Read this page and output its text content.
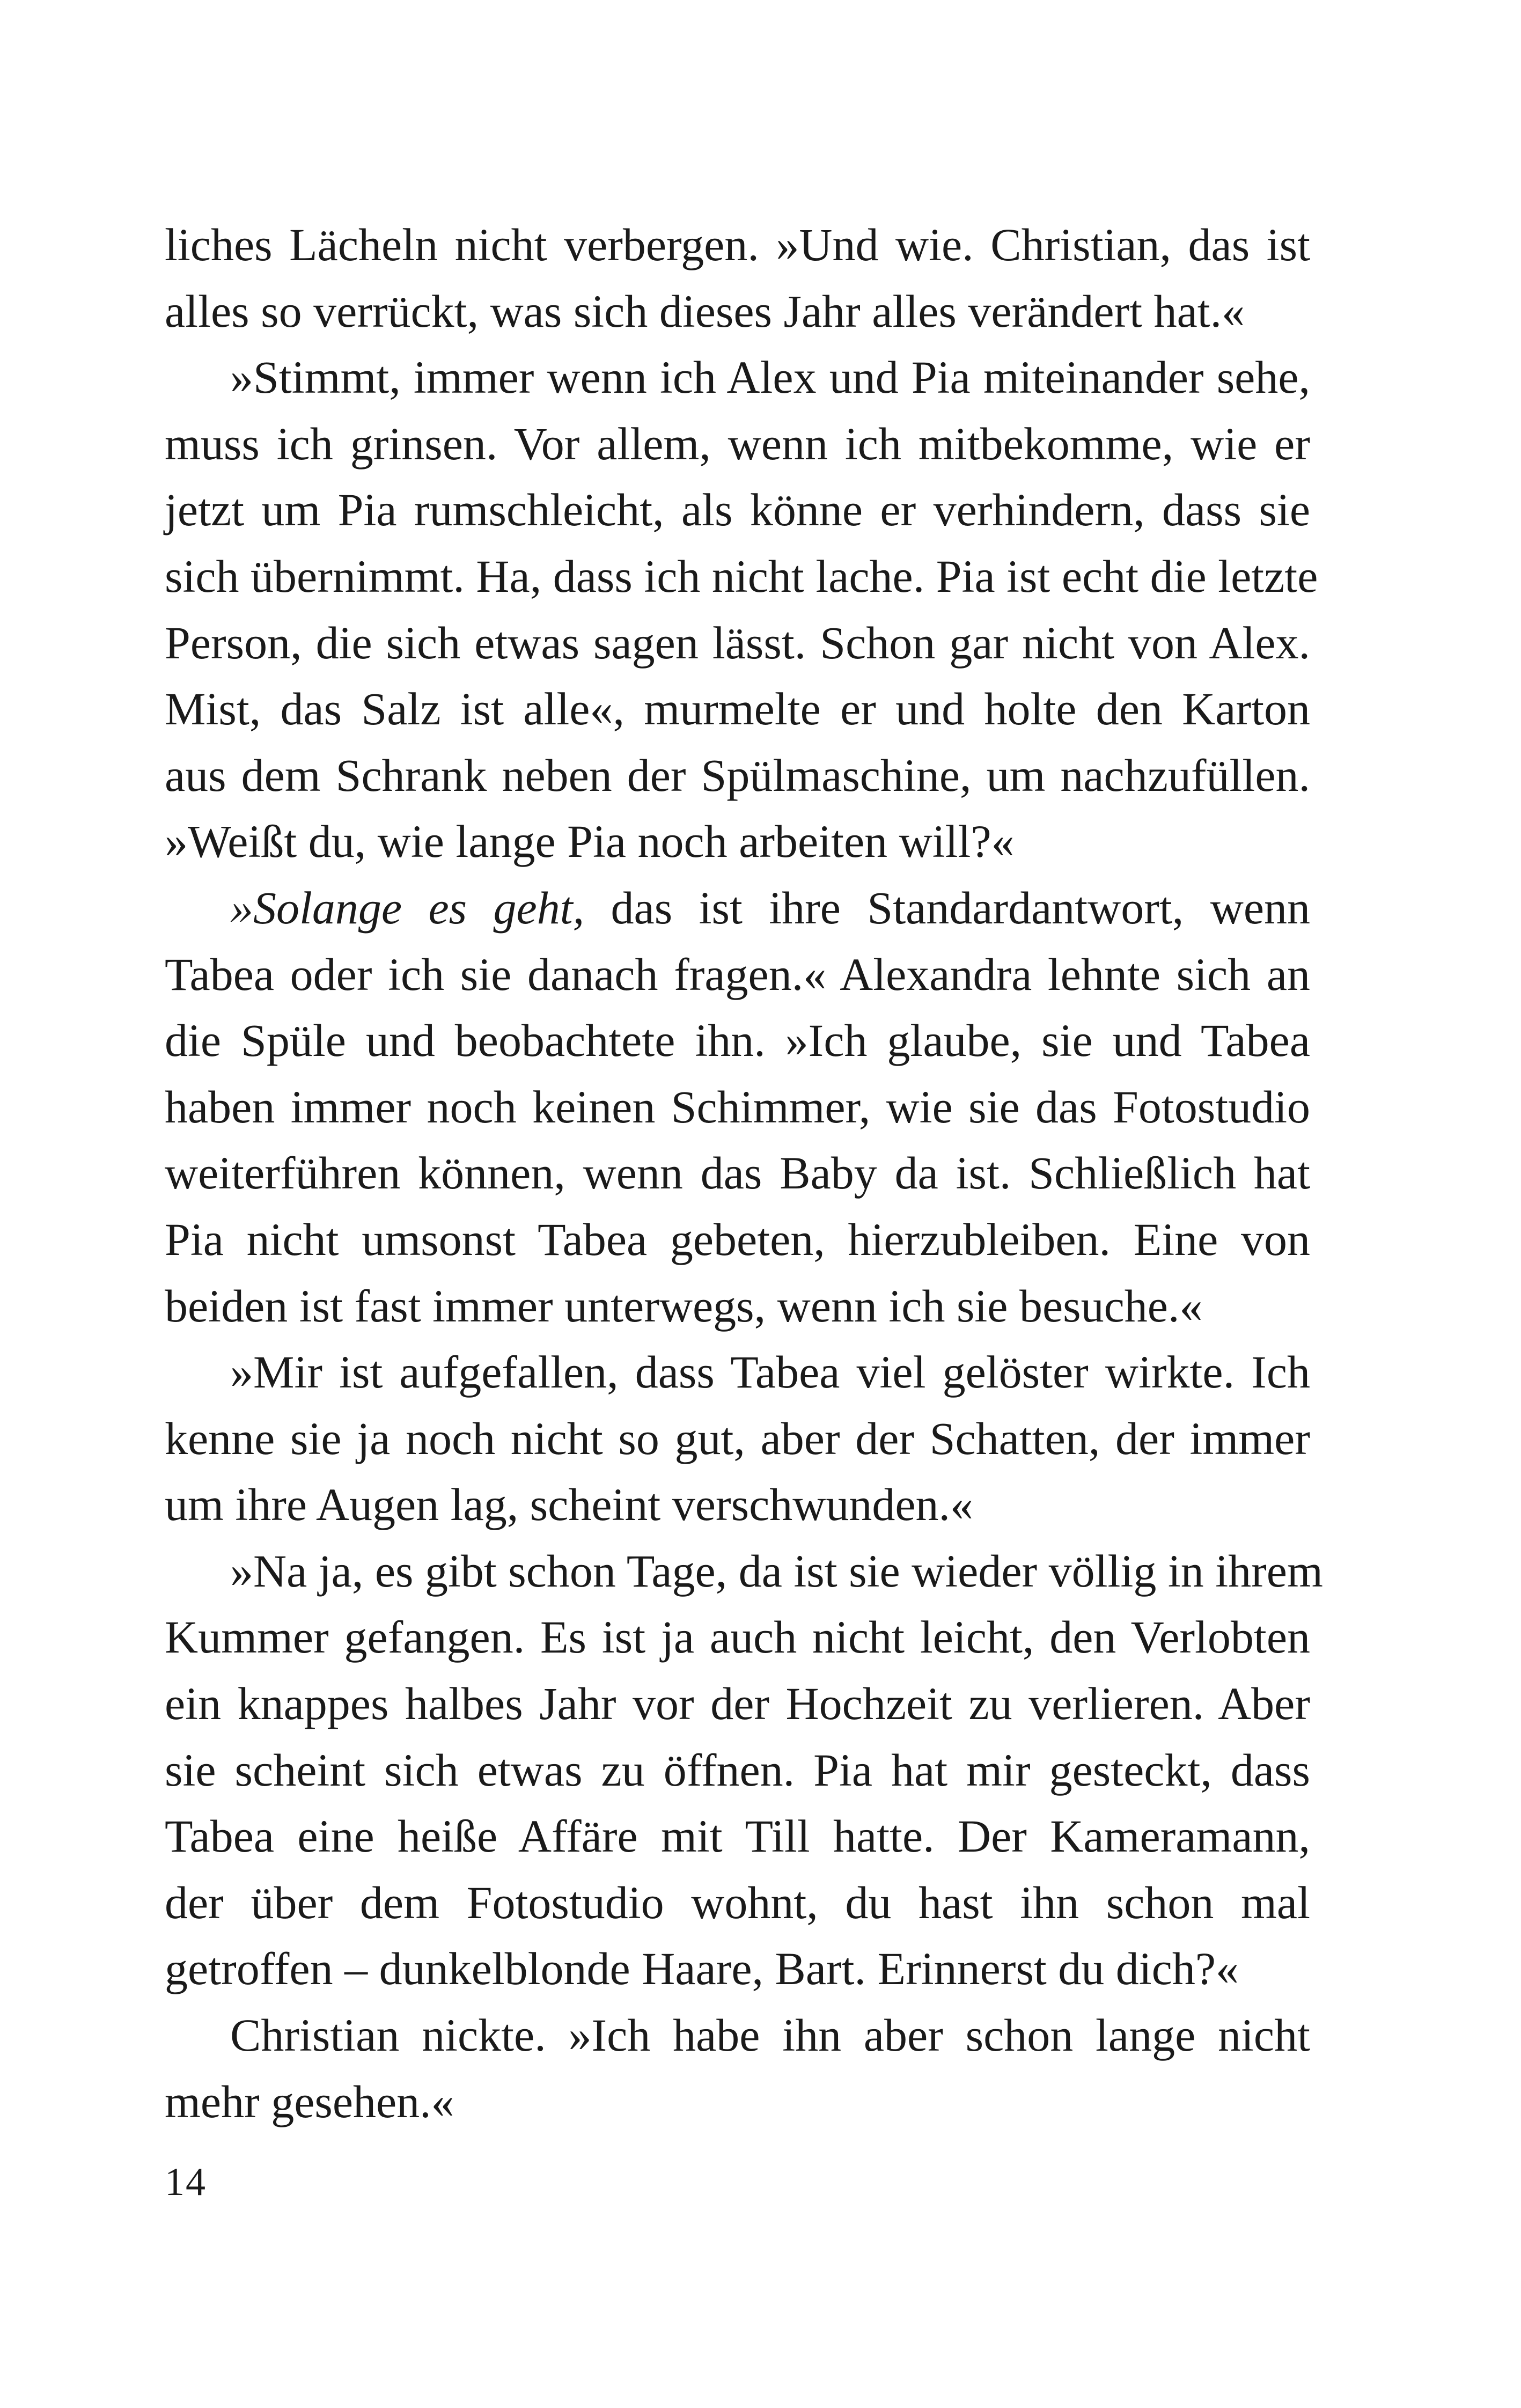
liches Lächeln nicht verbergen. »Und wie. Christian, das ist
alles so verrückt, was sich dieses Jahr alles verändert hat.«
»Stimmt, immer wenn ich Alex und Pia miteinander sehe,
muss ich grinsen. Vor allem, wenn ich mitbekomme, wie er
jetzt um Pia rumschleicht, als könne er verhindern, dass sie
sich übernimmt. Ha, dass ich nicht lache. Pia ist echt die letzte
Person, die sich etwas sagen lässt. Schon gar nicht von Alex.
Mist, das Salz ist alle«, murmelte er und holte den Karton
aus dem Schrank neben der Spülmaschine, um nachzufüllen.
»Weißt du, wie lange Pia noch arbeiten will?«
»Solange es geht, das ist ihre Standardantwort, wenn
Tabea oder ich sie danach fragen.« Alexandra lehnte sich an
die Spüle und beobachtete ihn. »Ich glaube, sie und Tabea
haben immer noch keinen Schimmer, wie sie das Fotostudio
weiterführen können, wenn das Baby da ist. Schließlich hat
Pia nicht umsonst Tabea gebeten, hierzubleiben. Eine von
beiden ist fast immer unterwegs, wenn ich sie besuche.«
»Mir ist aufgefallen, dass Tabea viel gelöster wirkte. Ich
kenne sie ja noch nicht so gut, aber der Schatten, der immer
um ihre Augen lag, scheint verschwunden.«
»Na ja, es gibt schon Tage, da ist sie wieder völlig in ihrem
Kummer gefangen. Es ist ja auch nicht leicht, den Verlobten
ein knappes halbes Jahr vor der Hochzeit zu verlieren. Aber
sie scheint sich etwas zu öffnen. Pia hat mir gesteckt, dass
Tabea eine heiße Affäre mit Till hatte. Der Kameramann,
der über dem Fotostudio wohnt, du hast ihn schon mal
getroffen – dunkelblonde Haare, Bart. Erinnerst du dich?«
Christian nickte. »Ich habe ihn aber schon lange nicht
mehr gesehen.«
14
